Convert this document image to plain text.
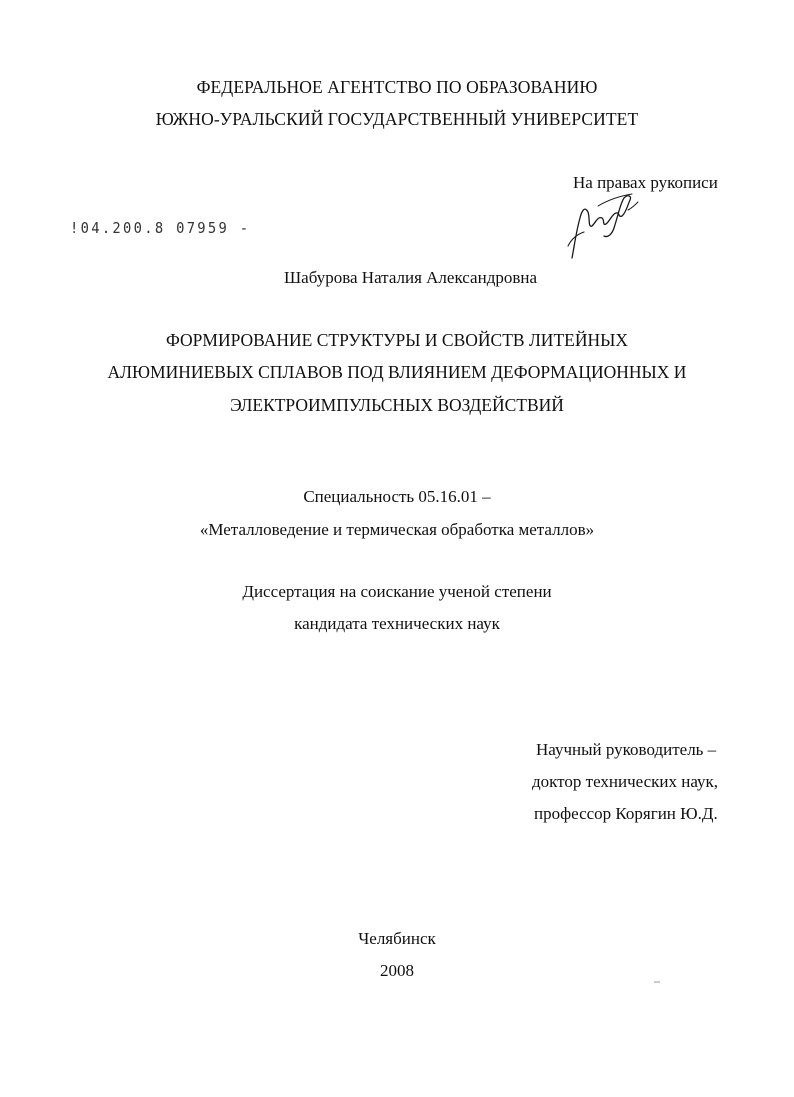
ФЕДЕРАЛЬНОЕ АГЕНТСТВО ПО ОБРАЗОВАНИЮ
ЮЖНО-УРАЛЬСКИЙ ГОСУДАРСТВЕННЫЙ УНИВЕРСИТЕТ
На правах рукописи
!04.200.8 07959 -
Шабурова Наталия Александровна
ФОРМИРОВАНИЕ СТРУКТУРЫ И СВОЙСТВ ЛИТЕЙНЫХ
АЛЮМИНИЕВЫХ СПЛАВОВ ПОД ВЛИЯНИЕМ ДЕФОРМАЦИОННЫХ И
ЭЛЕКТРОИМПУЛЬСНЫХ ВОЗДЕЙСТВИЙ
Специальность 05.16.01 –
«Металловедение и термическая обработка металлов»
Диссертация на соискание ученой степени
кандидата технических наук
Научный руководитель –
доктор технических наук,
профессор Корягин Ю.Д.
Челябинск
2008
